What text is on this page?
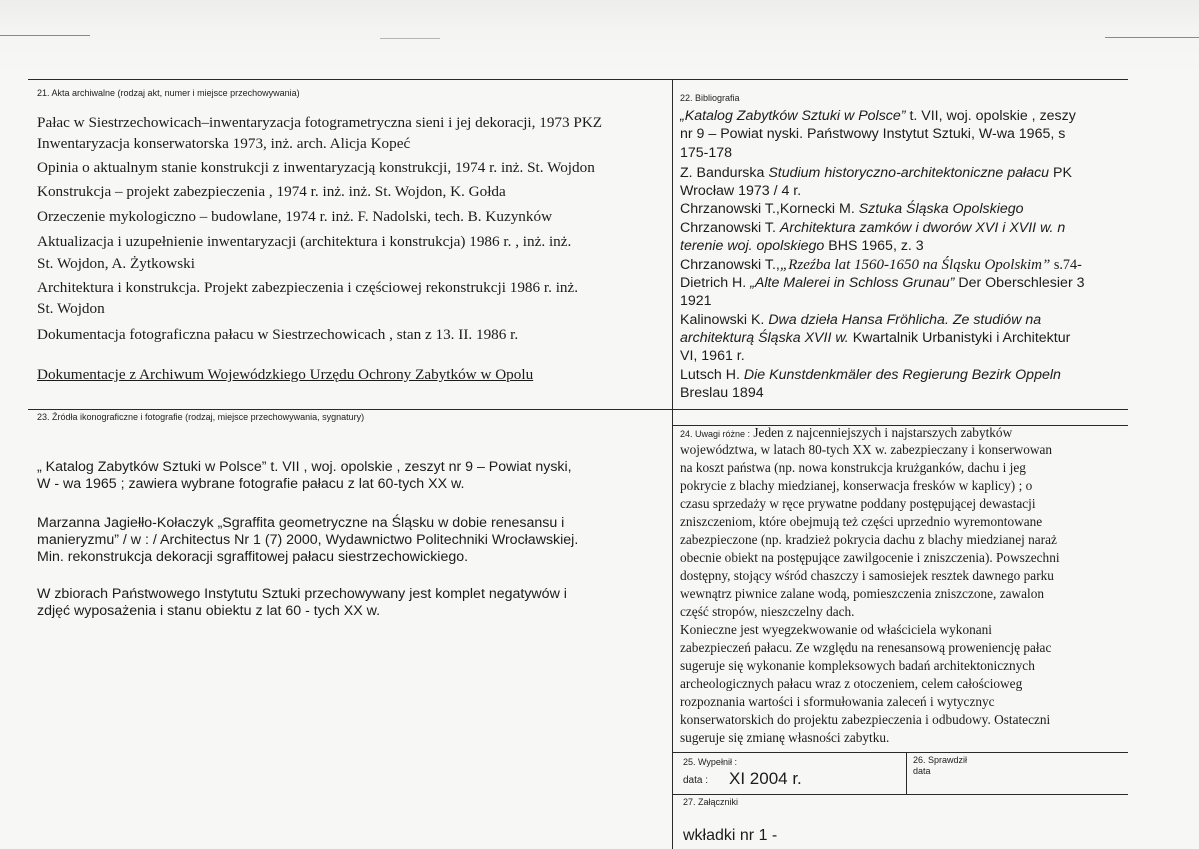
21. Akta archiwalne (rodzaj akt, numer i miejsce przechowywania)
Pałac w Siestrzechowicach–inwentaryzacja fotogrametryczna sieni i jej dekoracji, 1973 PKZ
Inwentaryzacja konserwatorska 1973, inż. arch. Alicja Kopeć
Opinia o aktualnym stanie konstrukcji z inwentaryzacją konstrukcji, 1974 r. inż. St. Wojdon
Konstrukcja – projekt zabezpieczenia , 1974 r. inż. inż. St. Wojdon, K. Gołda
Orzeczenie mykologiczno – budowlane, 1974 r. inż. F. Nadolski, tech. B. Kuzynków
Aktualizacja i uzupełnienie inwentaryzacji (architektura i konstrukcja) 1986 r. , inż. inż.
St. Wojdon, A. Żytkowski
Architektura i konstrukcja. Projekt zabezpieczenia i częściowej rekonstrukcji 1986 r. inż.
St. Wojdon
Dokumentacja fotograficzna pałacu w Siestrzechowicach , stan z 13. II. 1986 r.
Dokumentacje z Archiwum Wojewódzkiego Urzędu Ochrony Zabytków w Opolu
22. Bibliografia
„Katalog Zabytków Sztuki w Polsce” t. VII, woj. opolskie , zeszy
nr 9 – Powiat nyski. Państwowy Instytut Sztuki, W-wa 1965, s
175-178
Z. Bandurska Studium historyczno-architektoniczne pałacu PK
Wrocław 1973 / 4 r.
Chrzanowski T.,Kornecki M. Sztuka Śląska Opolskiego
Chrzanowski T. Architektura zamków i dworów XVI i XVII w. n
terenie woj. opolskiego BHS 1965, z. 3
Chrzanowski T.,„Rzeźba lat 1560-1650 na Śląsku Opolskim” s.74-
Dietrich H. „Alte Malerei in Schloss Grunau” Der Oberschlesier 3
1921
Kalinowski K. Dwa dzieła Hansa Fröhlicha. Ze studiów na
architekturą Śląska XVII w. Kwartalnik Urbanistyki i Architektur
VI, 1961 r.
Lutsch H. Die Kunstdenkmäler des Regierung Bezirk Oppeln
Breslau 1894
23. Źródła ikonograficzne i fotografie (rodzaj, miejsce przechowywania, sygnatury)
„ Katalog Zabytków Sztuki w Polsce” t. VII , woj. opolskie , zeszyt nr 9 – Powiat nyski,
W - wa 1965 ; zawiera wybrane fotografie pałacu z lat 60-tych XX w.
Marzanna Jagiełło-Kołaczyk „Sgraffita geometryczne na Śląsku w dobie renesansu i
manieryzmu” / w : / Architectus Nr 1 (7) 2000, Wydawnictwo Politechniki Wrocławskiej.
Min. rekonstrukcja dekoracji sgraffitowej pałacu siestrzechowickiego.
W zbiorach Państwowego Instytutu Sztuki przechowywany jest komplet negatywów i
zdjęć wyposażenia i stanu obiektu z lat 60 - tych XX w.
24. Uwagi różne : Jeden z najcenniejszych i najstarszych zabytków
województwa, w latach 80-tych XX w. zabezpieczany i konserwowan
na koszt państwa (np. nowa konstrukcja krużganków, dachu i jeg
pokrycie z blachy miedzianej, konserwacja fresków w kaplicy) ; o
czasu sprzedaży w ręce prywatne poddany postępującej dewastacji
zniszczeniom, które obejmują też części uprzednio wyremontowane
zabezpieczone (np. kradzież pokrycia dachu z blachy miedzianej naraż
obecnie obiekt na postępujące zawilgocenie i zniszczenia). Powszechni
dostępny, stojący wśród chaszczy i samosiejek resztek dawnego parku
wewnątrz piwnice zalane wodą, pomieszczenia zniszczone, zawalon
część stropów, nieszczelny dach.
Konieczne jest wyegzekwowanie od właściciela wykonani
zabezpieczeń pałacu. Ze względu na renesansową proweniencję pałac
sugeruje się wykonanie kompleksowych badań architektonicznych
archeologicznych pałacu wraz z otoczeniem, celem całościoweg
rozpoznania wartości i sformułowania zaleceń i wytycznyc
konserwatorskich do projektu zabezpieczenia i odbudowy. Ostateczni
sugeruje się zmianę własności zabytku.
25. Wypełnił :
data : XI 2004 r.
26. Sprawdził
data
27. Załączniki
wkładki nr 1 -
